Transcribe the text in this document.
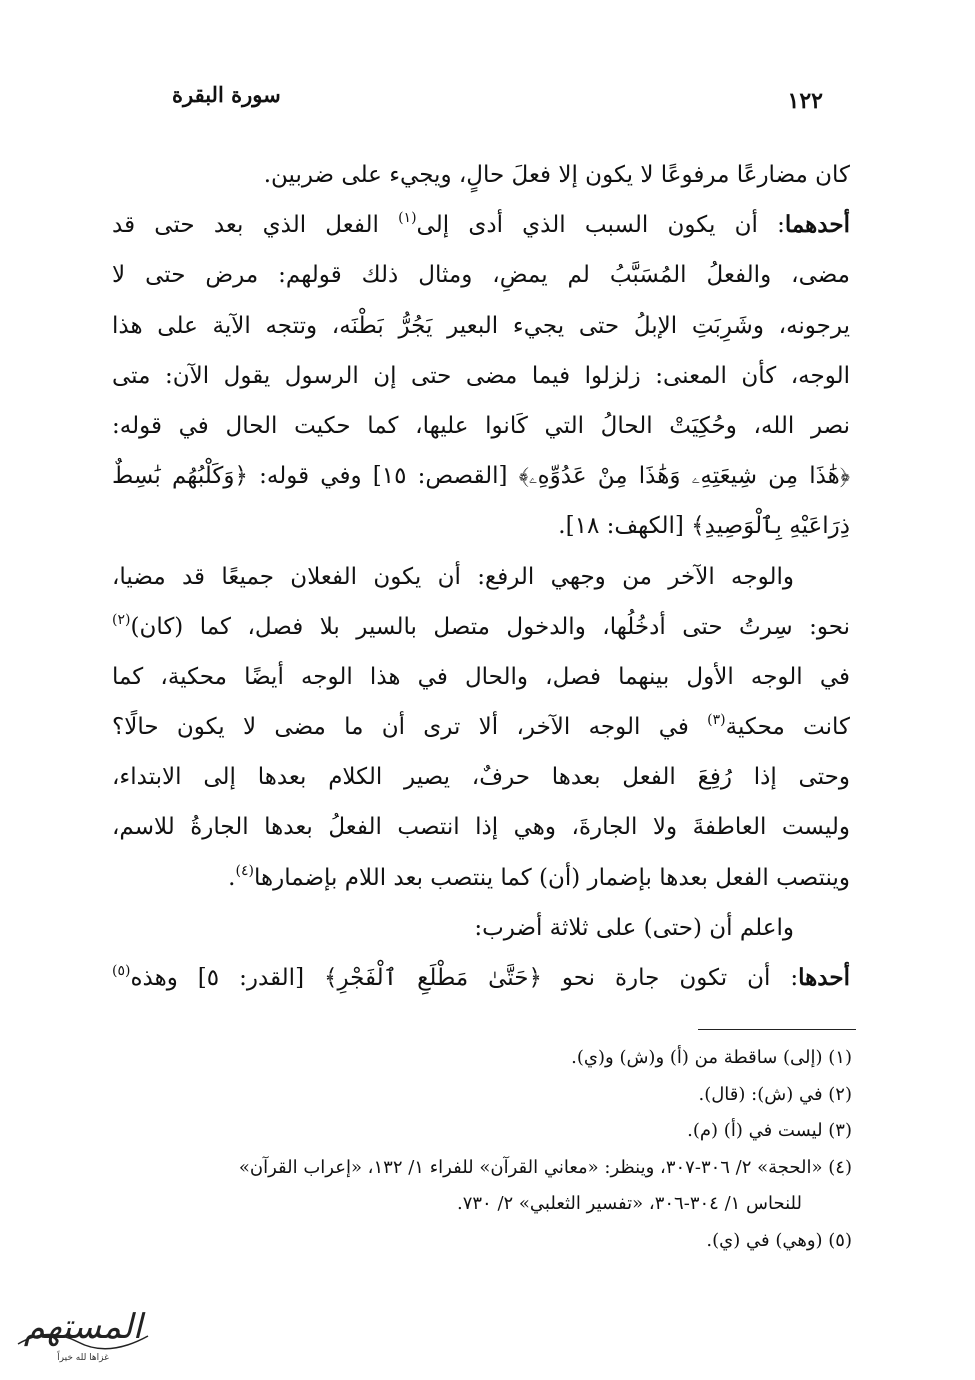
سورة البقرة	١٢٢
كان مضارعًا مرفوعًا لا يكون إلا فعلَ حالٍ، ويجيء على ضربين.
أحدهما: أن يكون السبب الذي أدى إلى$^{(١)}$ الفعل الذي بعد حتى قد
مضى، والفعلُ المُسَبَّبُ لم يمضِ، ومثال ذلك قولهم: مرض حتى لا
يرجونه، وشَرِبَتِ الإبلُ حتى يجيء البعير يَجُرُّ بَطْنَه، وتتجه الآية على هذا
الوجه، كأن المعنى: زلزلوا فيما مضى حتى إن الرسول يقول الآن: متى
نصر الله، وحُكِيَتْ الحالُ التي كَانوا عليها، كما حكيت الحال في قوله:
﴿هَٰذَا مِن شِيعَتِهِۦ وَهَٰذَا مِنْ عَدُوِّهِۦ﴾ [القصص: ١٥] وفي قوله: ﴿وَكَلْبُهُم بَٰسِطٌ
ذِرَاعَيْهِ بِٱلْوَصِيدِ﴾ [الكهف: ١٨].
والوجه الآخر من وجهي الرفع: أن يكون الفعلان جميعًا قد مضيا،
نحو: سِرتُ حتى أدخُلُها، والدخول متصل بالسير بلا فصل، كما (كان)$^{(٢)}$
في الوجه الأول بينهما فصل، والحال في هذا الوجه أيضًا محكية، كما
كانت محكية$^{(٣)}$ في الوجه الآخر، ألا ترى أن ما مضى لا يكون حالًا؟
وحتى إذا رُفِعَ الفعل بعدها حرفٌ، يصير الكلام بعدها إلى الابتداء،
وليست العاطفةَ ولا الجارةَ، وهي إذا انتصب الفعلُ بعدها الجارةُ للاسم،
وينتصب الفعل بعدها بإضمار (أن) كما ينتصب بعد اللام بإضمارها$^{(٤)}$.
واعلم أن (حتى) على ثلاثة أضرب:
أحدها: أن تكون جارة نحو ﴿حَتَّىٰ مَطْلَعِ ٱلْفَجْرِ﴾ [القدر: ٥] وهذه$^{(٥)}$
(١) (إلى) ساقطة من (أ) و(ش) و(ي).
(٢) في (ش): (قال).
(٣) ليست في (أ) (م).
(٤) «الحجة» ٢/ ٣٠٦-٣٠٧، وينظر: «معاني القرآن» للفراء ١/ ١٣٢، «إعراب القرآن»
للنحاس ١/ ٣٠٤-٣٠٦، «تفسير الثعلبي» ٢/ ٧٣٠.
(٥) (وهي) في (ي).
المستهم
غزاها لله خيراً
